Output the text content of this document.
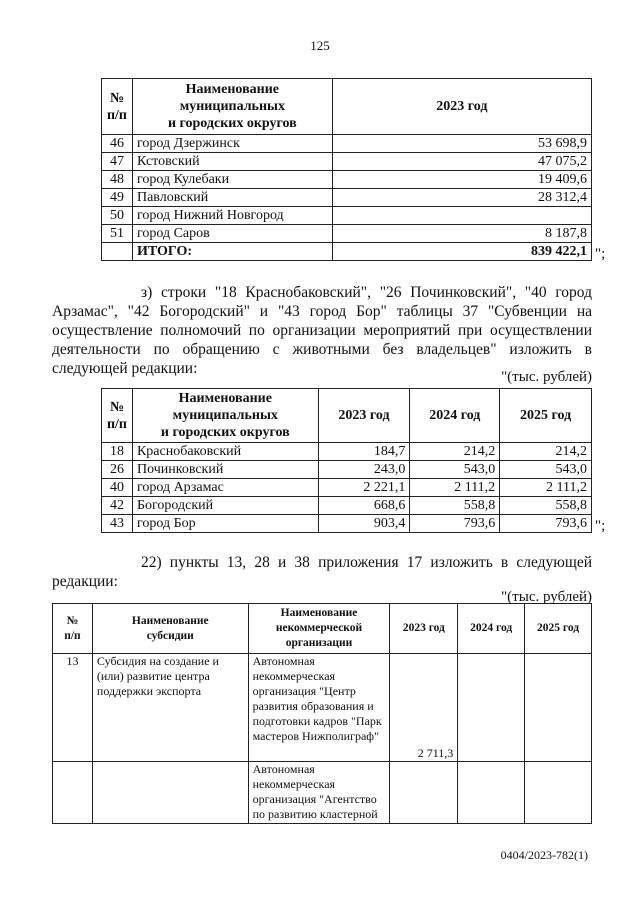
125
№
п/п	Наименование
муниципальных
и городских округов	2023 год
46	город Дзержинск	53 698,9
47	Кстовский	47 075,2
48	город Кулебаки	19 409,6
49	Павловский	28 312,4
50	город Нижний Новгород	
51	город Саров	8 187,8
	ИТОГО:	839 422,1 ";
з) строки "18 Краснобаковский", "26 Починковский", "40 город Арзамас", "42 Богородский" и "43 город Бор" таблицы 37 "Субвенции на осуществление полномочий по организации мероприятий при осуществлении деятельности по обращению с животными без владельцев" изложить в следующей редакции:	"(тыс. рублей)
№
п/п	Наименование
муниципальных
и городских округов	2023 год	2024 год	2025 год
18	Краснобаковский	184,7	214,2	214,2
26	Починковский	243,0	543,0	543,0
40	город Арзамас	2 221,1	2 111,2	2 111,2
42	Богородский	668,6	558,8	558,8
43	город Бор	903,4	793,6	793,6 ";
22) пункты 13, 28 и 38 приложения 17 изложить в следующей редакции:
"(тыс. рублей)
№
п/п	Наименование
субсидии	Наименование
некоммерческой
организации	2023 год	2024 год	2025 год
13	Субсидия на создание и (или) развитие центра поддержки экспорта	Автономная некоммерческая организация "Центр развития образования и подготовки кадров "Парк мастеров Нижполиграф"	2 711,3		
		Автономная некоммерческая организация "Агентство по развитию кластерной			
0404/2023-782(1)
